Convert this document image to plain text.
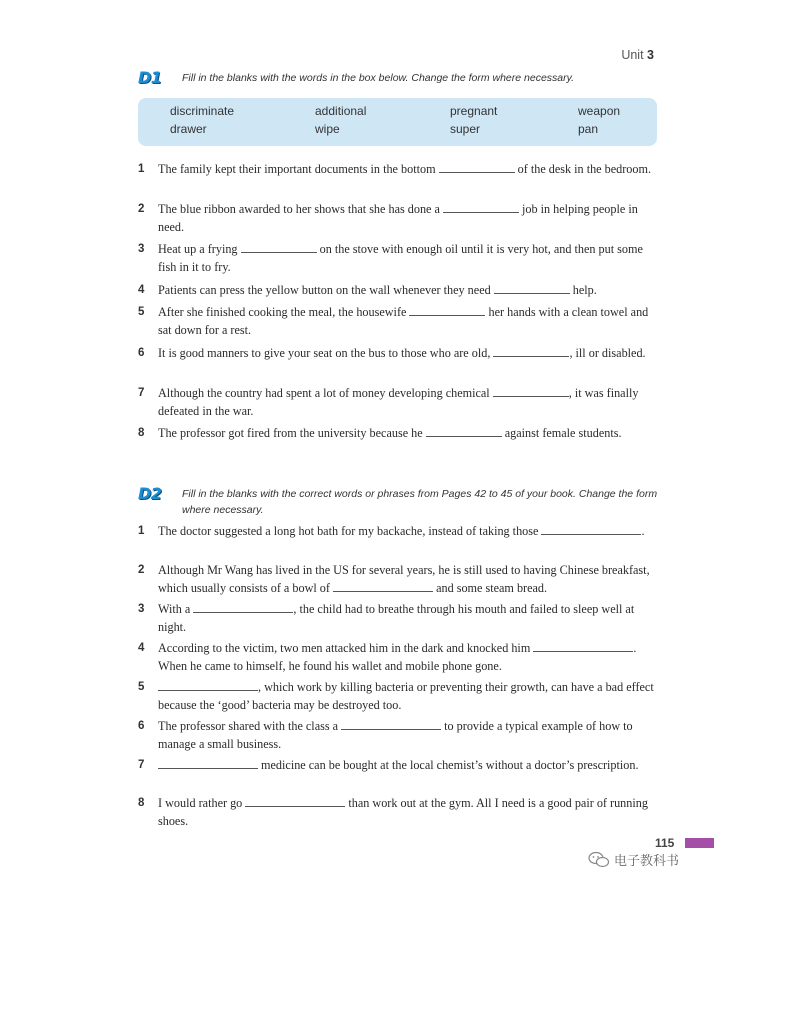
Unit 3
D1 Fill in the blanks with the words in the box below. Change the form where necessary.
discriminate	additional	pregnant	weapon
drawer	wipe	super	pan
1 The family kept their important documents in the bottom	of the desk in the bedroom.
2 The blue ribbon awarded to her shows that she has done a	job in helping people in need.
3 Heat up a frying	on the stove with enough oil until it is very hot, and then put some fish in it to fry.
4 Patients can press the yellow button on the wall whenever they need	help.
5 After she finished cooking the meal, the housewife	her hands with a clean towel and sat down for a rest.
6 It is good manners to give your seat on the bus to those who are old,	, ill or disabled.
7 Although the country had spent a lot of money developing chemical	, it was finally defeated in the war.
8 The professor got fired from the university because he	against female students.
D2 Fill in the blanks with the correct words or phrases from Pages 42 to 45 of your book. Change the form where necessary.
1 The doctor suggested a long hot bath for my backache, instead of taking those	.
2 Although Mr Wang has lived in the US for several years, he is still used to having Chinese breakfast, which usually consists of a bowl of	and some steam bread.
3 With a	, the child had to breathe through his mouth and failed to sleep well at night.
4 According to the victim, two men attacked him in the dark and knocked him	. When he came to himself, he found his wallet and mobile phone gone.
5	, which work by killing bacteria or preventing their growth, can have a bad effect because the ‘good’ bacteria may be destroyed too.
6 The professor shared with the class a	to provide a typical example of how to manage a small business.
7	medicine can be bought at the local chemist’s without a doctor’s prescription.
8 I would rather go	than work out at the gym. All I need is a good pair of running shoes.
115
电子教科书
